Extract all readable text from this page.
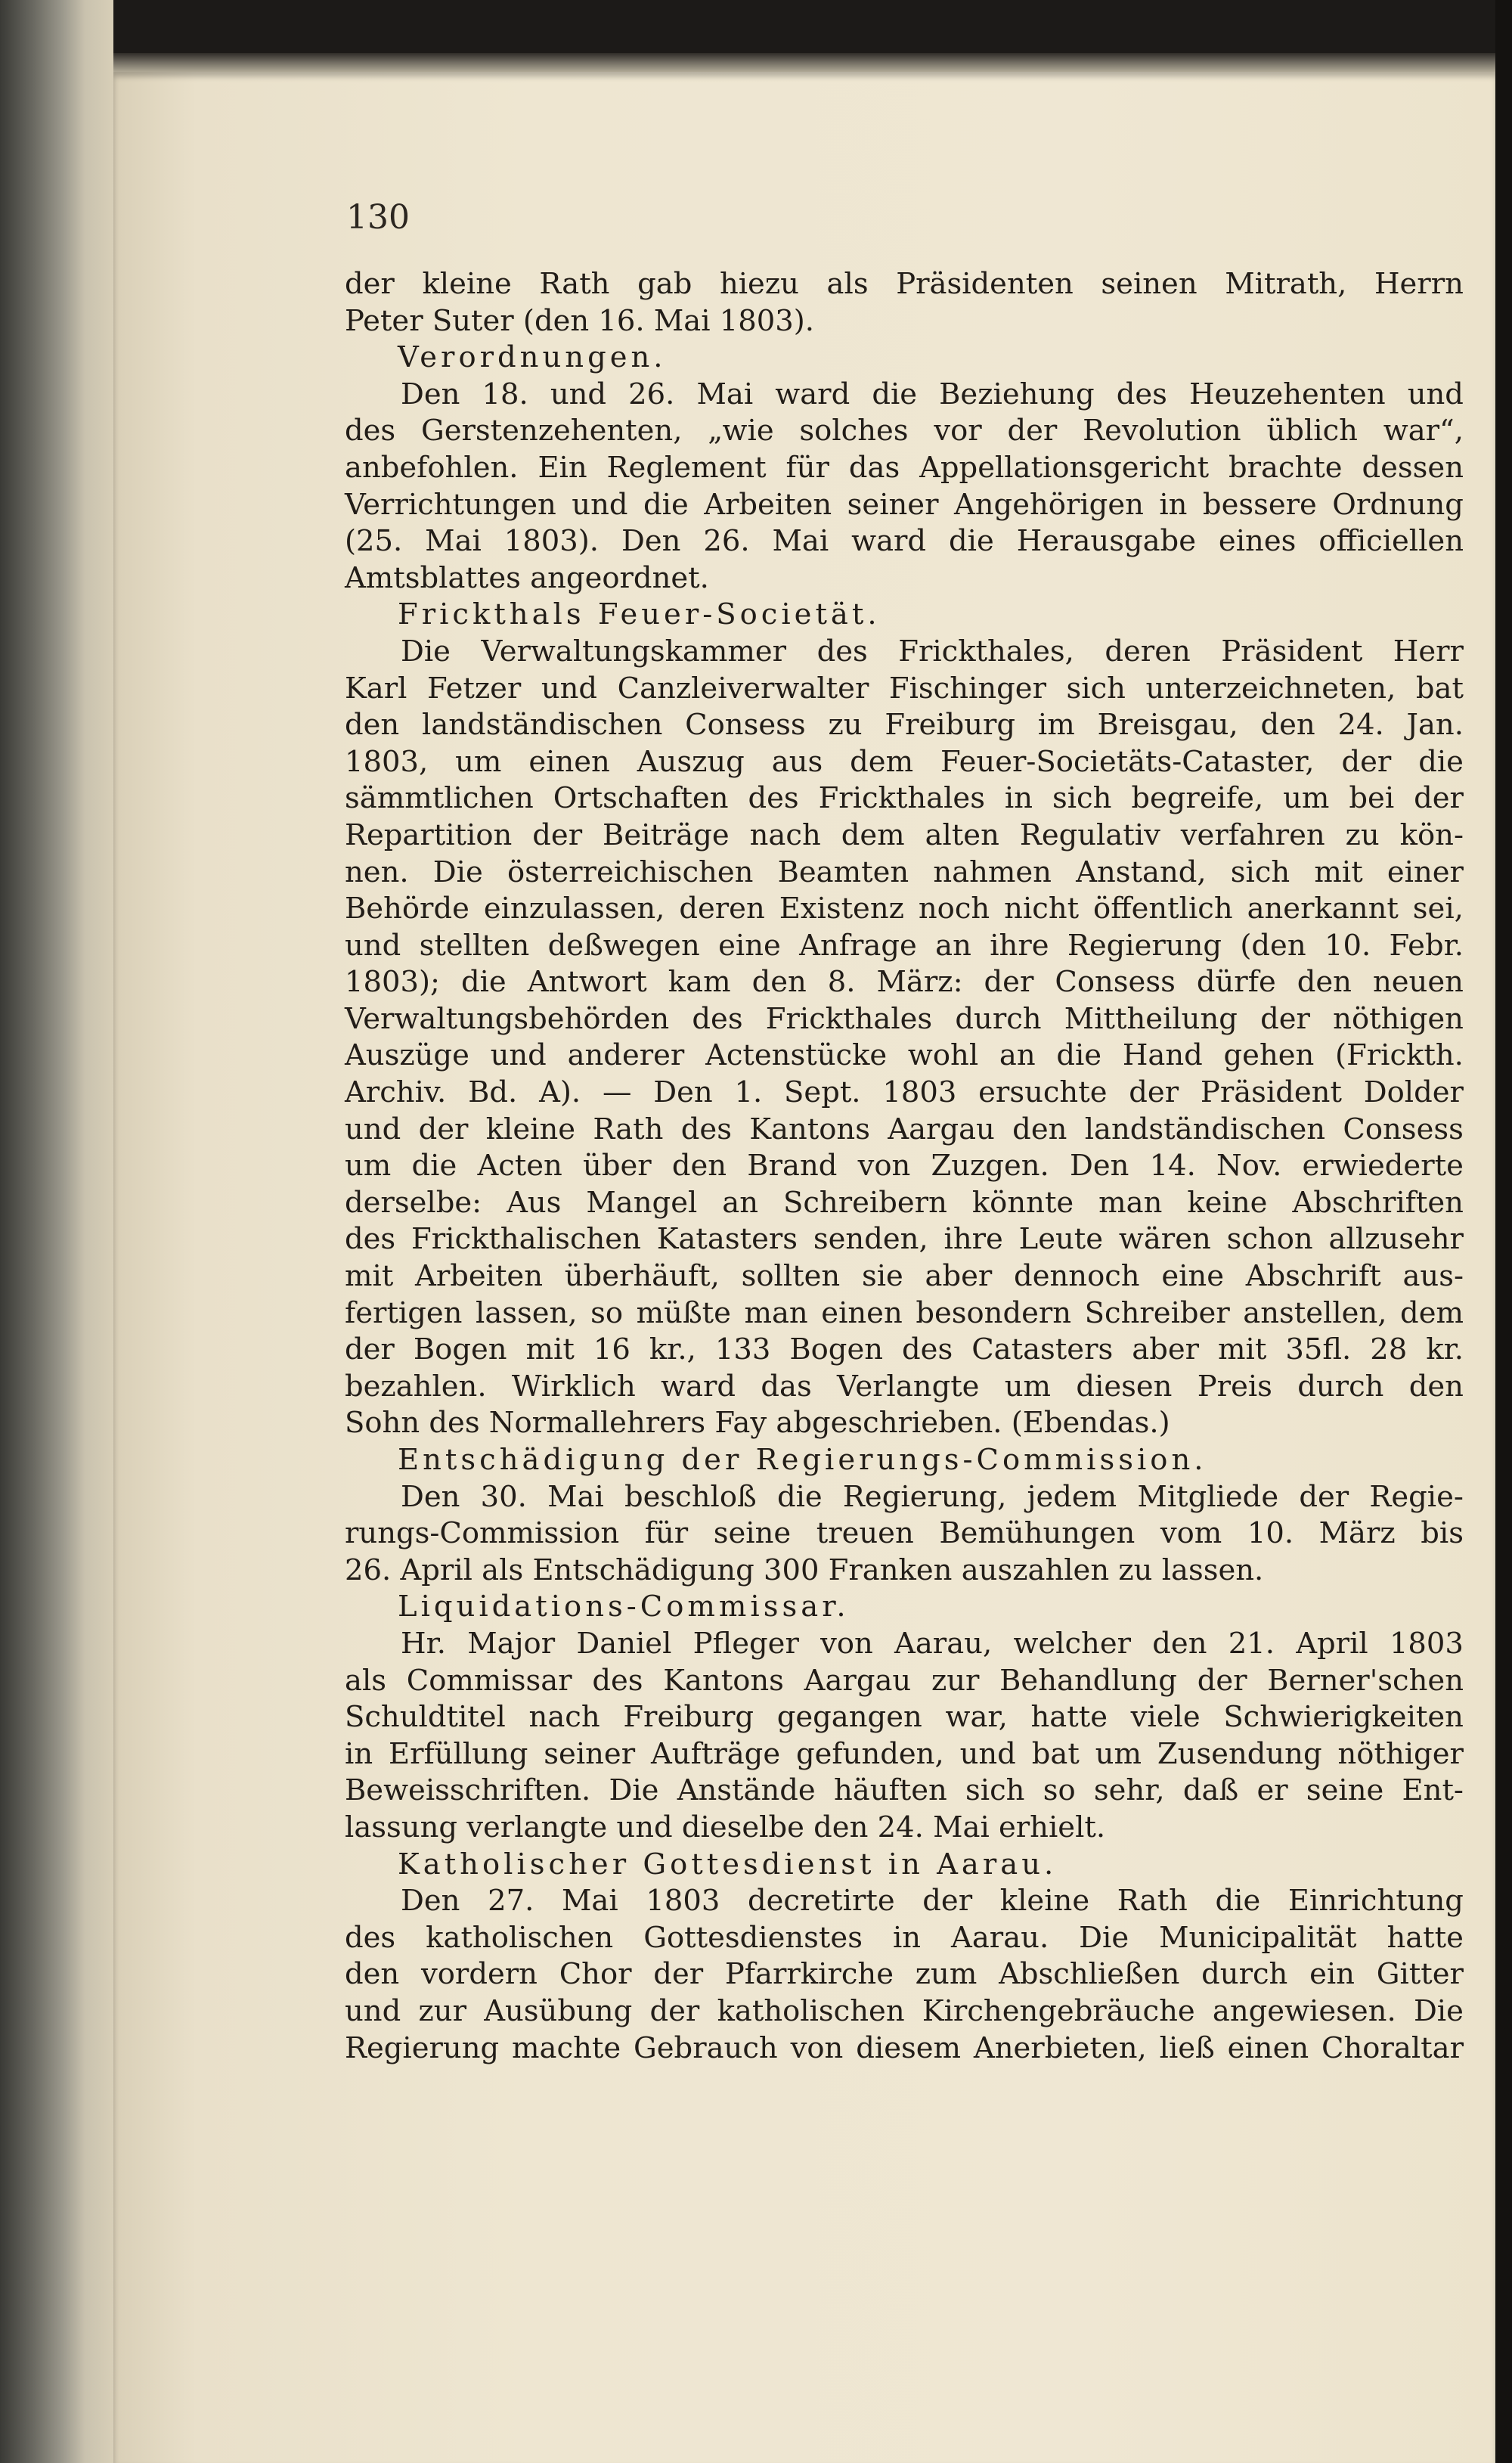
130
der kleine Rath gab hiezu als Präsidenten seinen Mitrath, Herrn
Peter Suter (den 16. Mai 1803).
Verordnungen.
Den 18. und 26. Mai ward die Beziehung des Heuzehenten und
des Gerstenzehenten, „wie solches vor der Revolution üblich war“,
anbefohlen. Ein Reglement für das Appellationsgericht brachte dessen
Verrichtungen und die Arbeiten seiner Angehörigen in bessere Ordnung
(25. Mai 1803). Den 26. Mai ward die Herausgabe eines officiellen
Amtsblattes angeordnet.
Frickthals Feuer-Societät.
Die Verwaltungskammer des Frickthales, deren Präsident Herr
Karl Fetzer und Canzleiverwalter Fischinger sich unterzeichneten, bat
den landständischen Consess zu Freiburg im Breisgau, den 24. Jan.
1803, um einen Auszug aus dem Feuer-Societäts-Cataster, der die
sämmtlichen Ortschaften des Frickthales in sich begreife, um bei der
Repartition der Beiträge nach dem alten Regulativ verfahren zu kön-
nen. Die österreichischen Beamten nahmen Anstand, sich mit einer
Behörde einzulassen, deren Existenz noch nicht öffentlich anerkannt sei,
und stellten deßwegen eine Anfrage an ihre Regierung (den 10. Febr.
1803); die Antwort kam den 8. März: der Consess dürfe den neuen
Verwaltungsbehörden des Frickthales durch Mittheilung der nöthigen
Auszüge und anderer Actenstücke wohl an die Hand gehen (Frickth.
Archiv. Bd. A). — Den 1. Sept. 1803 ersuchte der Präsident Dolder
und der kleine Rath des Kantons Aargau den landständischen Consess
um die Acten über den Brand von Zuzgen. Den 14. Nov. erwiederte
derselbe: Aus Mangel an Schreibern könnte man keine Abschriften
des Frickthalischen Katasters senden, ihre Leute wären schon allzusehr
mit Arbeiten überhäuft, sollten sie aber dennoch eine Abschrift aus-
fertigen lassen, so müßte man einen besondern Schreiber anstellen, dem
der Bogen mit 16 kr., 133 Bogen des Catasters aber mit 35fl. 28 kr.
bezahlen. Wirklich ward das Verlangte um diesen Preis durch den
Sohn des Normallehrers Fay abgeschrieben. (Ebendas.)
Entschädigung der Regierungs-Commission.
Den 30. Mai beschloß die Regierung, jedem Mitgliede der Regie-
rungs-Commission für seine treuen Bemühungen vom 10. März bis
26. April als Entschädigung 300 Franken auszahlen zu lassen.
Liquidations-Commissar.
Hr. Major Daniel Pfleger von Aarau, welcher den 21. April 1803
als Commissar des Kantons Aargau zur Behandlung der Berner'schen
Schuldtitel nach Freiburg gegangen war, hatte viele Schwierigkeiten
in Erfüllung seiner Aufträge gefunden, und bat um Zusendung nöthiger
Beweisschriften. Die Anstände häuften sich so sehr, daß er seine Ent-
lassung verlangte und dieselbe den 24. Mai erhielt.
Katholischer Gottesdienst in Aarau.
Den 27. Mai 1803 decretirte der kleine Rath die Einrichtung
des katholischen Gottesdienstes in Aarau. Die Municipalität hatte
den vordern Chor der Pfarrkirche zum Abschließen durch ein Gitter
und zur Ausübung der katholischen Kirchengebräuche angewiesen. Die
Regierung machte Gebrauch von diesem Anerbieten, ließ einen Choraltar
